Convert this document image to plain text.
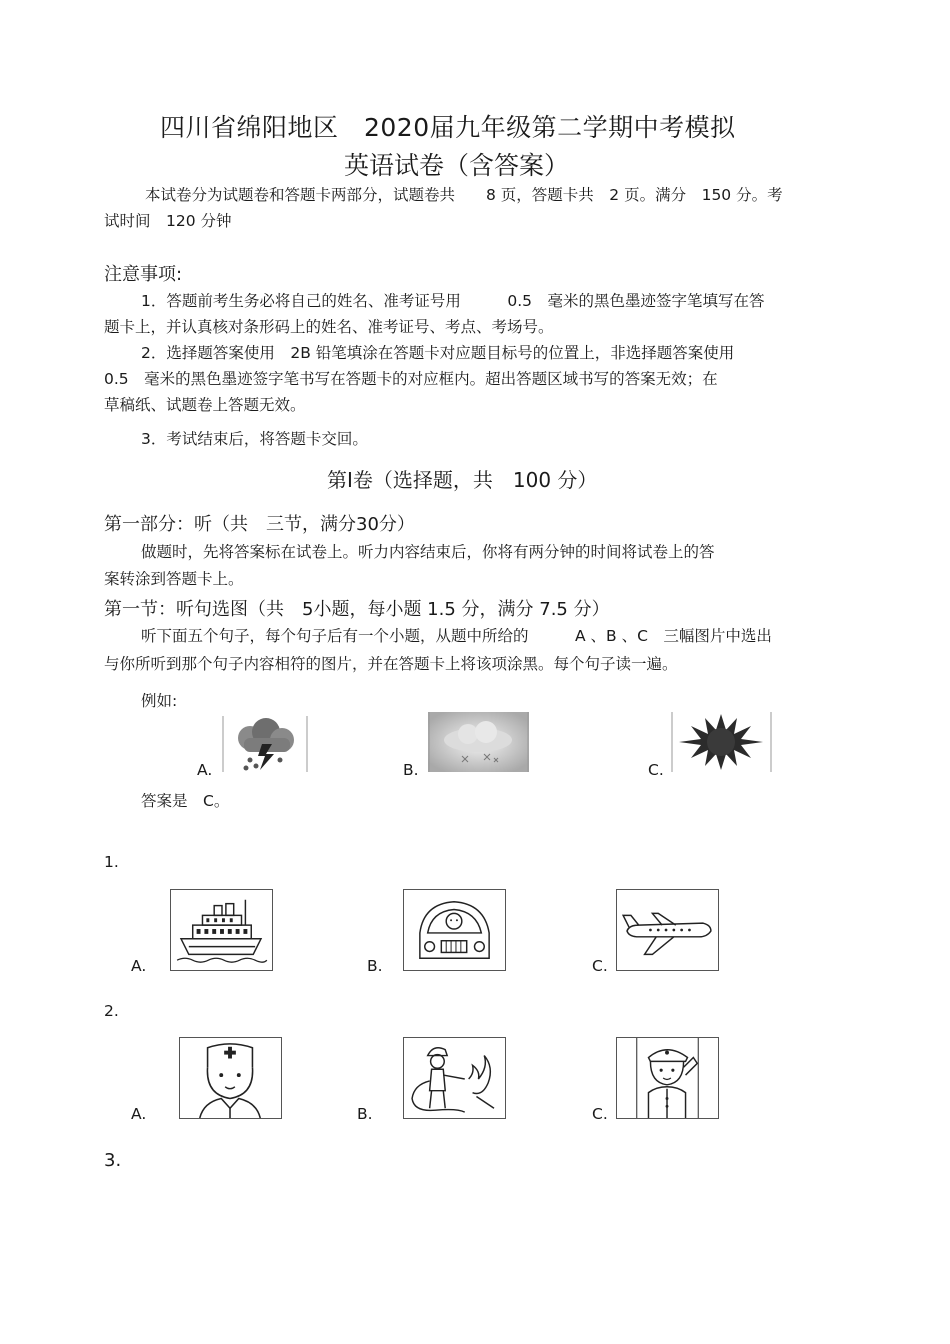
四川省绵阳地区　2020届九年级第二学期中考模拟
英语试卷（含答案）
本试卷分为试题卷和答题卡两部分，试题卷共　　8 页，答题卡共　2 页。满分　150 分。考
试时间　120 分钟
注意事项:
1．答题前考生务必将自己的姓名、准考证号用　　　0.5　毫米的黑色墨迹签字笔填写在答
题卡上，并认真核对条形码上的姓名、准考证号、考点、考场号。
2．选择题答案使用　2B 铅笔填涂在答题卡对应题目标号的位置上，非选择题答案使用
0.5　毫米的黑色墨迹签字笔书写在答题卡的对应框内。超出答题区域书写的答案无效；在
草稿纸、试题卷上答题无效。
3．考试结束后，将答题卡交回。
第Ⅰ卷（选择题，共　100 分）
第一部分：听（共　三节，满分30分）
做题时，先将答案标在试卷上。听力内容结束后，你将有两分钟的时间将试卷上的答
案转涂到答题卡上。
第一节：听句选图（共　5小题，每小题 1.5 分，满分 7.5 分）
听下面五个句子，每个句子后有一个小题，从题中所给的　　　A 、B 、C　三幅图片中选出
与你所听到那个句子内容相符的图片，并在答题卡上将该项涂黑。每个句子读一遍。
例如:
A.	B.	C.
答案是　C。
1.
A.	B.	C.
2.
A.	B.	C.
3.
